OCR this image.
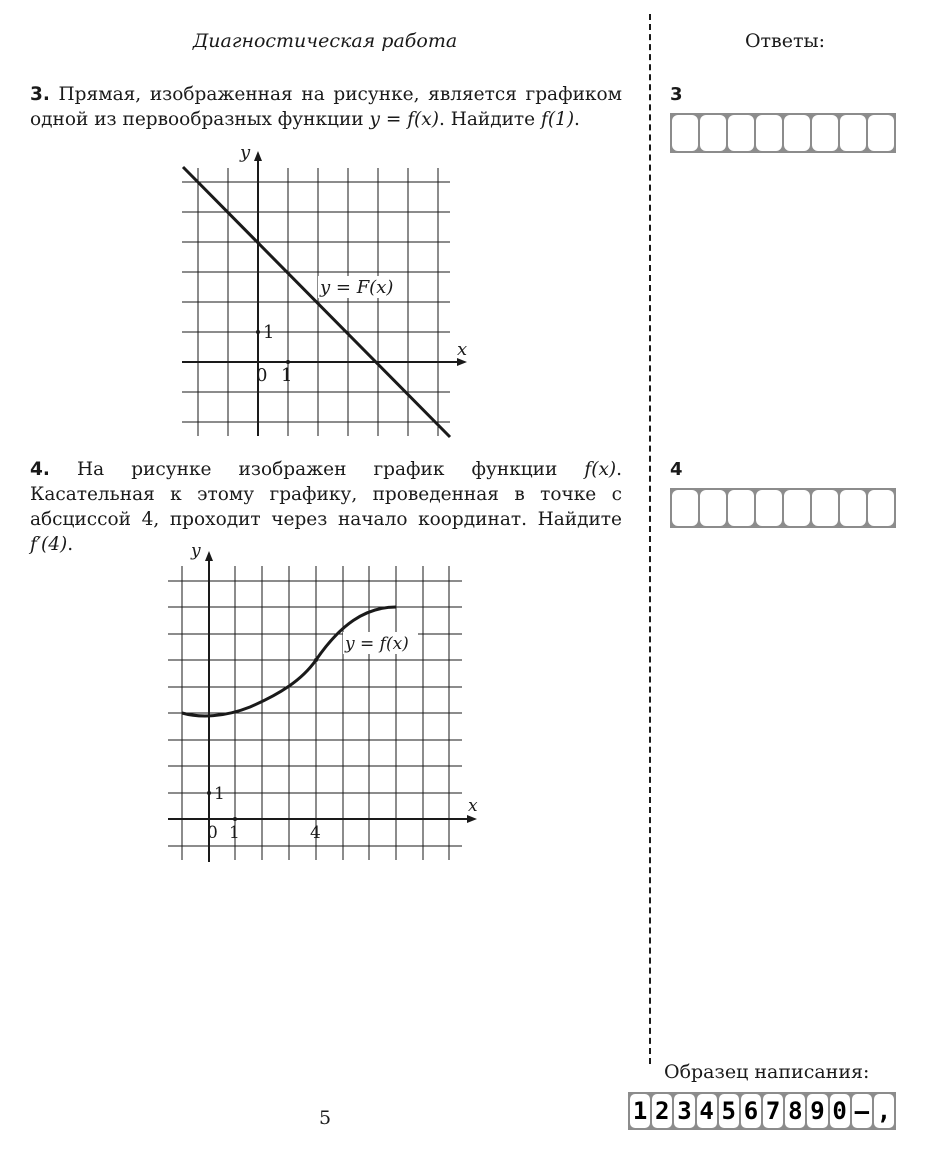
Диагностическая работа	Ответы:
3. Прямая, изображенная на рисунке, является графиком одной из первообразных функции y = f(x). Найдите f(1).
3
y
x
0 1
1
y = F(x)
4. На рисунке изображен график функции f(x). Касательная к этому графику, проведенная в точке с абсциссой 4, проходит через начало координат. Найдите f′(4).
4
y
x
0 1	4
1
y = f(x)
Образец написания:
1 2 3 4 5 6 7 8 9 0 – ,
5
